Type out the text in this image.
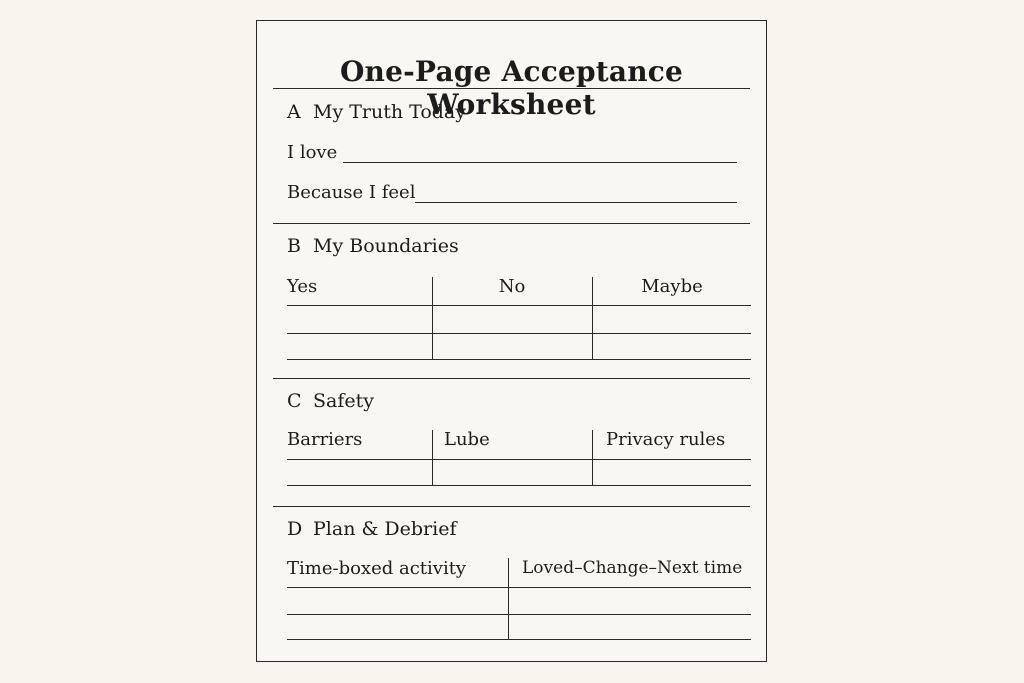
One-Page Acceptance Worksheet
A My Truth Today
I love
Because I feel
B My Boundaries
Yes	No	Maybe
C Safety
Barriers	Lube	Privacy rules
D Plan & Debrief
Time-boxed activity	Loved–Change–Next time
